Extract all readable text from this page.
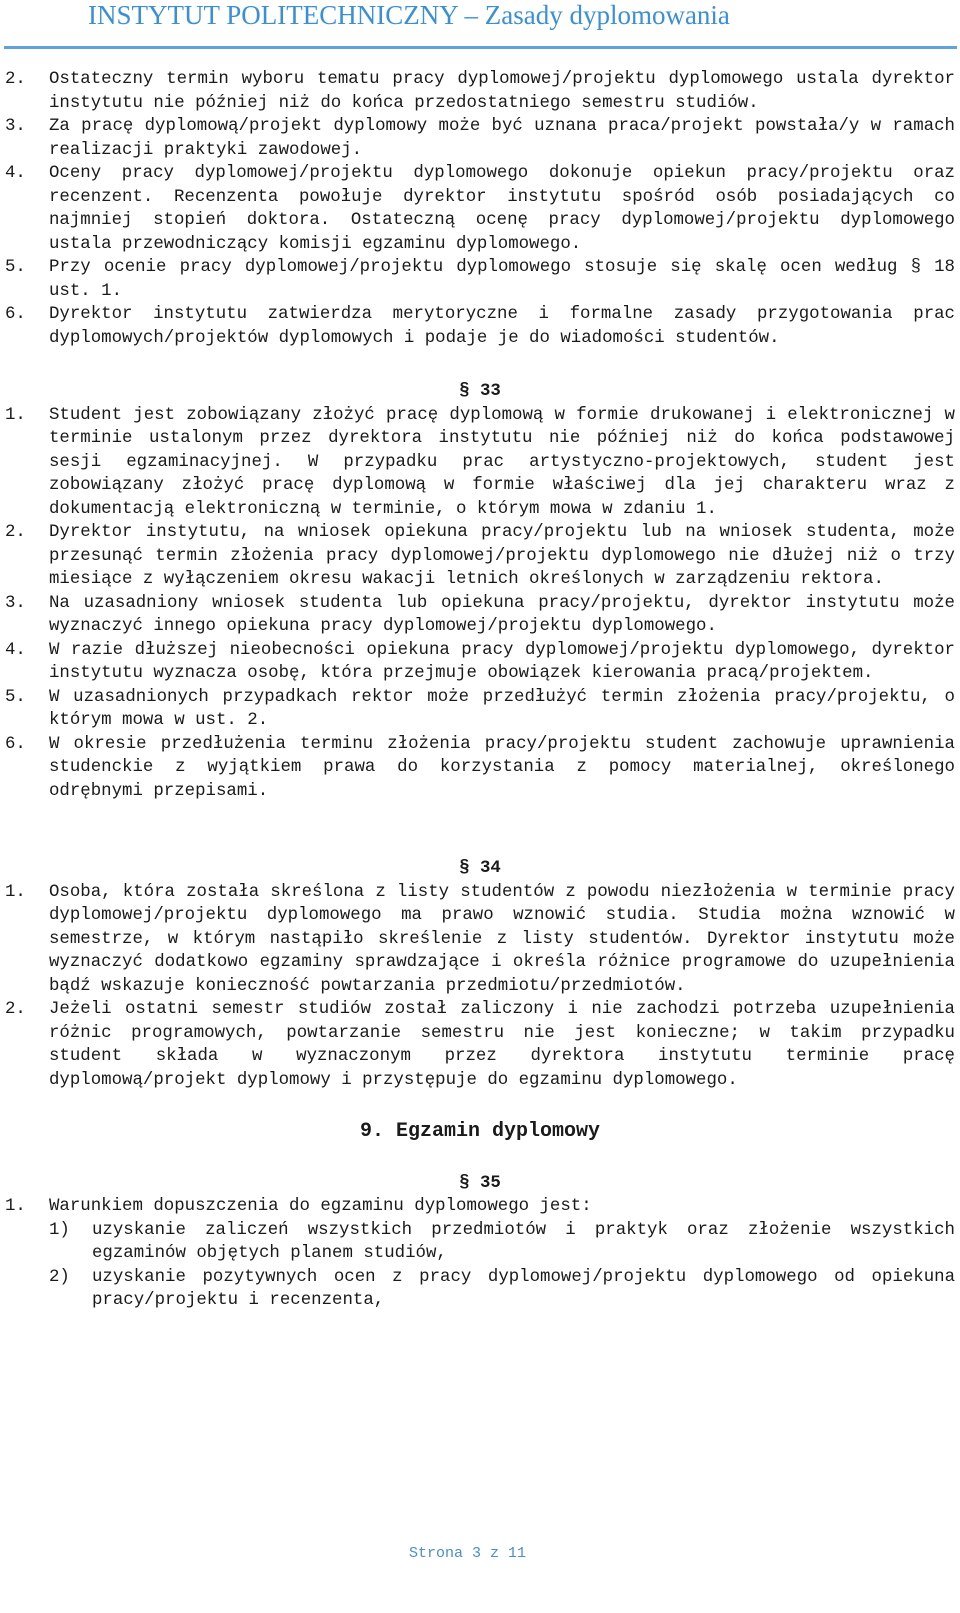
INSTYTUT POLITECHNICZNY – Zasady dyplomowania
2.	Ostateczny termin wyboru tematu pracy dyplomowej/projektu dyplomowego ustala dyrektor instytutu nie później niż do końca przedostatniego semestru studiów.
3.	Za pracę dyplomową/projekt dyplomowy może być uznana praca/projekt powstała/y w ramach realizacji praktyki zawodowej.
4.	Oceny pracy dyplomowej/projektu dyplomowego dokonuje opiekun pracy/projektu oraz recenzent. Recenzenta powołuje dyrektor instytutu spośród osób posiadających co najmniej stopień doktora. Ostateczną ocenę pracy dyplomowej/projektu dyplomowego ustala przewodniczący komisji egzaminu dyplomowego.
5.	Przy ocenie pracy dyplomowej/projektu dyplomowego stosuje się skalę ocen według § 18 ust. 1.
6.	Dyrektor instytutu zatwierdza merytoryczne i formalne zasady przygotowania prac dyplomowych/projektów dyplomowych i podaje je do wiadomości studentów.
§ 33
1.	Student jest zobowiązany złożyć pracę dyplomową w formie drukowanej i elektronicznej w terminie ustalonym przez dyrektora instytutu nie później niż do końca podstawowej sesji egzaminacyjnej. W przypadku prac artystyczno-projektowych, student jest zobowiązany złożyć pracę dyplomową w formie właściwej dla jej charakteru wraz z dokumentacją elektroniczną w terminie, o którym mowa w zdaniu 1.
2.	Dyrektor instytutu, na wniosek opiekuna pracy/projektu lub na wniosek studenta, może przesunąć termin złożenia pracy dyplomowej/projektu dyplomowego nie dłużej niż o trzy miesiące z wyłączeniem okresu wakacji letnich określonych w zarządzeniu rektora.
3.	Na uzasadniony wniosek studenta lub opiekuna pracy/projektu, dyrektor instytutu może wyznaczyć innego opiekuna pracy dyplomowej/projektu dyplomowego.
4.	W razie dłuższej nieobecności opiekuna pracy dyplomowej/projektu dyplomowego, dyrektor instytutu wyznacza osobę, która przejmuje obowiązek kierowania pracą/projektem.
5.	W uzasadnionych przypadkach rektor może przedłużyć termin złożenia pracy/projektu, o którym mowa w ust. 2.
6.	W okresie przedłużenia terminu złożenia pracy/projektu student zachowuje uprawnienia studenckie z wyjątkiem prawa do korzystania z pomocy materialnej, określonego odrębnymi przepisami.
§ 34
1.	Osoba, która została skreślona z listy studentów z powodu niezłożenia w terminie pracy dyplomowej/projektu dyplomowego ma prawo wznowić studia. Studia można wznowić w semestrze, w którym nastąpiło skreślenie z listy studentów. Dyrektor instytutu może wyznaczyć dodatkowo egzaminy sprawdzające i określa różnice programowe do uzupełnienia bądź wskazuje konieczność powtarzania przedmiotu/przedmiotów.
2.	Jeżeli ostatni semestr studiów został zaliczony i nie zachodzi potrzeba uzupełnienia różnic programowych, powtarzanie semestru nie jest konieczne; w takim przypadku student składa w wyznaczonym przez dyrektora instytutu terminie pracę dyplomową/projekt dyplomowy i przystępuje do egzaminu dyplomowego.
9. Egzamin dyplomowy
§ 35
1.	Warunkiem dopuszczenia do egzaminu dyplomowego jest:
1)	uzyskanie zaliczeń wszystkich przedmiotów i praktyk oraz złożenie wszystkich egzaminów objętych planem studiów,
2)	uzyskanie pozytywnych ocen z pracy dyplomowej/projektu dyplomowego od opiekuna pracy/projektu i recenzenta,
Strona 3 z 11
